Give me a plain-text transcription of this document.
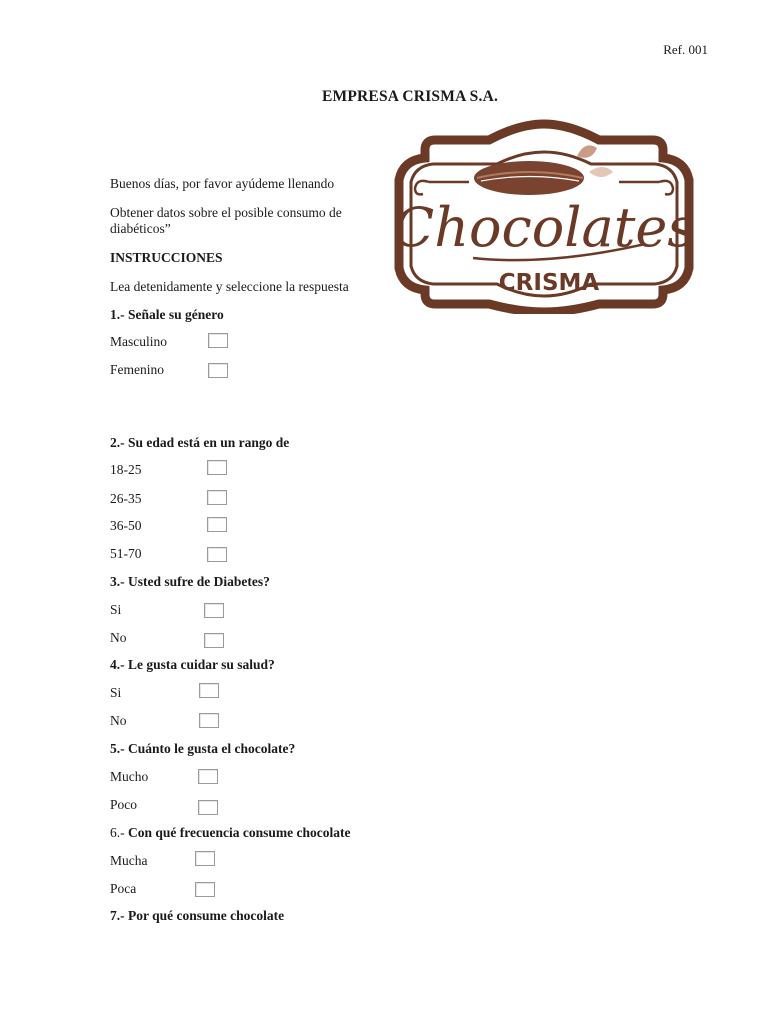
Ref. 001
EMPRESA CRISMA S.A.
Buenos días, por favor ayúdeme llenando
Obtener datos sobre el posible consumo de
diabéticos”
INSTRUCCIONES
Lea detenidamente y seleccione la respuesta
Chocolates
CRISMA
1.- Señale su género
Masculino
Femenino
2.- Su edad está en un rango de
18-25
26-35
36-50
51-70
3.- Usted sufre de Diabetes?
Si
No
4.- Le gusta cuidar su salud?
Si
No
5.- Cuánto le gusta el chocolate?
Mucho
Poco
6.- Con qué frecuencia consume chocolate
Mucha
Poca
7.- Por qué consume chocolate
